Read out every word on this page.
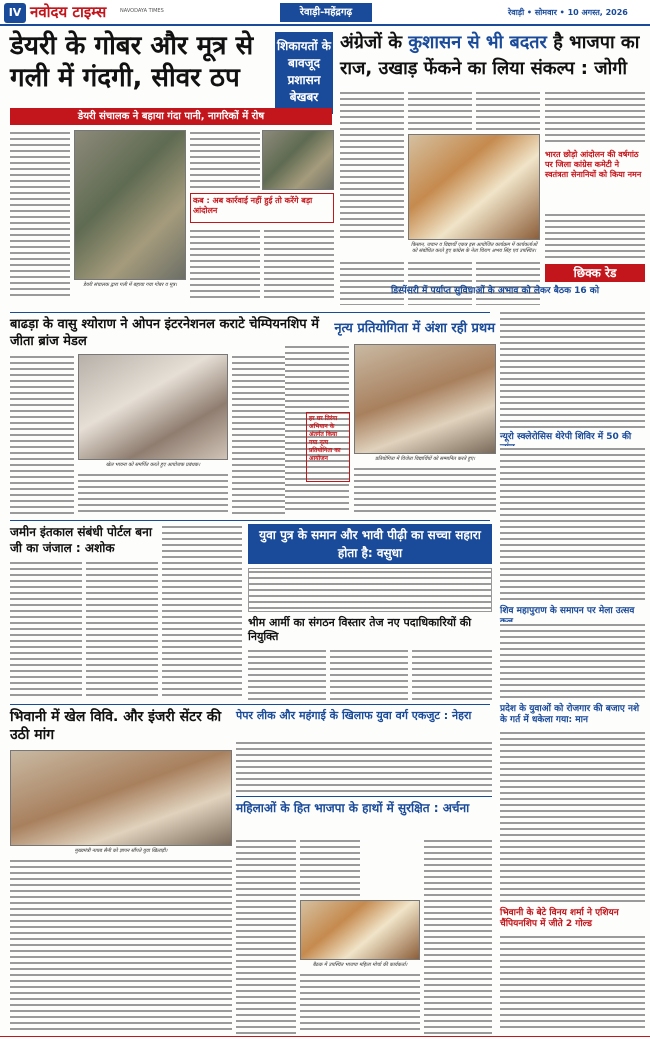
IV नवोदय टाइम्स	NAVODAYA TIMES	रेवाड़ी-महेंद्रगढ़	रेवाड़ी • सोमवार • 10 अगस्त, 2026
डेयरी के गोबर और मूत्र से गली में गंदगी, सीवर ठप
शिकायतों के बावजूद प्रशासन बेखबर
डेयरी संचालक ने बहाया गंदा पानी, नागरिकों में रोष
कब : अब कार्रवाई नहीं हुई तो करेंगे बड़ा आंदोलन
डेयरी संचालक द्वारा गली में बहाया गया गोबर व मूत्र।
अंग्रेजों के कुशासन से भी बदतर है भाजपा का राज, उखाड़ फेंकने का लिया संकल्प : जोगी
किसान, जवान व विद्यार्थी एकत्र इस आयोजित कार्यक्रम में कार्यकर्ताओं को संबोधित करते हुए कांग्रेस के नेता चिराग अभय सिंह एवं उपस्थित।
भारत छोड़ो आंदोलन की वर्षगांठ पर जिला कांग्रेस कमेटी ने स्वतंत्रता सेनानियों को किया नमन
छिक्क रेड
डिस्पेंसरी में पर्याप्त सुविधाओं के अभाव को लेकर बैठक 16 को
न्यूरो स्क्लेरोसिस थेरेपी शिविर में 50 की
शिव महापुराण के समापन पर मेला उत्सव
प्रदेश के युवाओं को रोजगार की बजाए नशे के गर्त में धकेला गया: मान
भिवानी के बेटे विनय शर्मा ने एशियन चैंपियनशिप में जीते 2 गोल्ड
बाढड़ा के वासु श्योराण ने ओपन इंटरनेशनल कराटे चेम्पियनशिप में जीता ब्रांज मेडल
खेल भावना को समर्पित करते हुए आयोजक प्रबंधक।
नृत्य प्रतियोगिता में अंशा रही प्रथम
हर घर तिरंगा अभियान के अंतर्गत किया गया नृत्य प्रतियोगिता का आयोजन	प्रतियोगिता में विजेता विद्यार्थियों को सम्मानित करते हुए।
जमीन इंतकाल संबंधी पोर्टल बना जी का जंजाल : अशोक
युवा पुत्र के समान और भावी पीढ़ी का सच्चा सहारा होता है: वसुधा
भीम आर्मी का संगठन विस्तार तेज नए पदाधिकारियों की नियुक्ति
भिवानी में खेल विवि. और इंजरी सेंटर की उठी मांग
मुख्यमंत्री नायब सैनी को ज्ञापन सौंपते युवा खिलाड़ी।
पेपर लीक और महंगाई के खिलाफ युवा वर्ग एकजुट : नेहरा
महिलाओं के हित भाजपा के हाथों में सुरक्षित : अर्चना
बैठक में उपस्थित भाजपा महिला मोर्चा की कार्यकर्ता।
